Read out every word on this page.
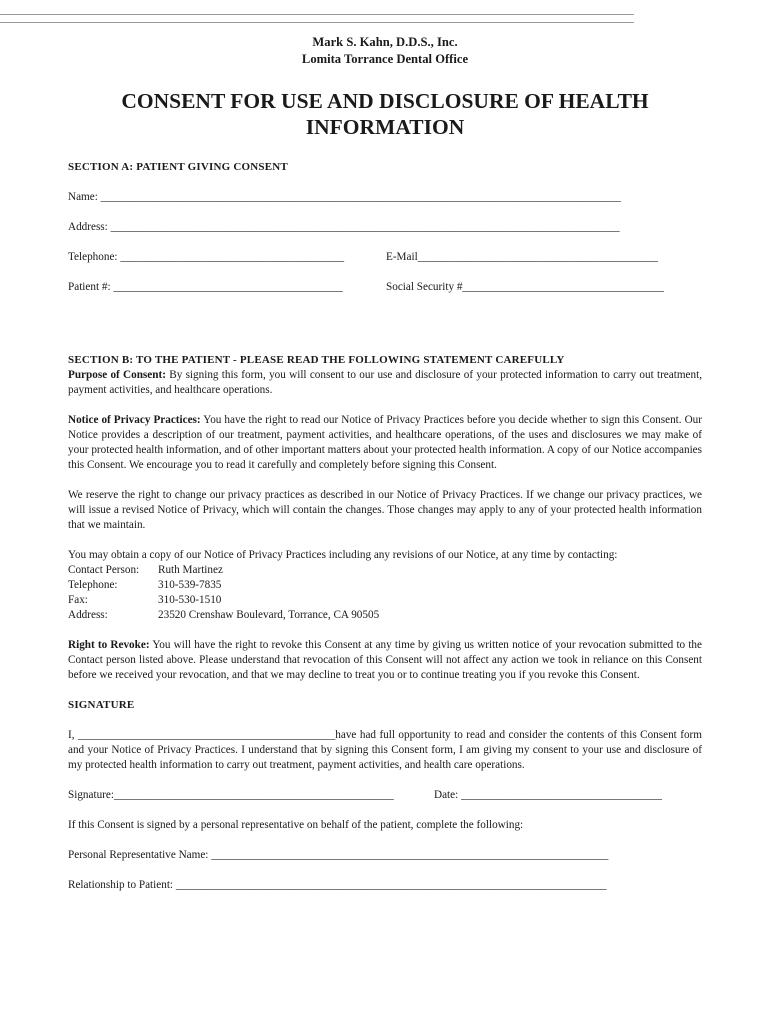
Mark S. Kahn, D.D.S., Inc.
Lomita Torrance Dental Office
CONSENT FOR USE AND DISCLOSURE OF HEALTH INFORMATION
SECTION A: PATIENT GIVING CONSENT
Name: _____________________________________________________________________________________________
Address: ___________________________________________________________________________________________
Telephone: ________________________________________	E-Mail___________________________________________
Patient #: _________________________________________	Social Security #____________________________________
SECTION B: TO THE PATIENT - PLEASE READ THE FOLLOWING STATEMENT CAREFULLY
Purpose of Consent: By signing this form, you will consent to our use and disclosure of your protected information to carry out treatment, payment activities, and healthcare operations.
Notice of Privacy Practices: You have the right to read our Notice of Privacy Practices before you decide whether to sign this Consent. Our Notice provides a description of our treatment, payment activities, and healthcare operations, of the uses and disclosures we may make of your protected health information, and of other important matters about your protected health information. A copy of our Notice accompanies this Consent. We encourage you to read it carefully and completely before signing this Consent.
We reserve the right to change our privacy practices as described in our Notice of Privacy Practices. If we change our privacy practices, we will issue a revised Notice of Privacy, which will contain the changes. Those changes may apply to any of your protected health information that we maintain.
You may obtain a copy of our Notice of Privacy Practices including any revisions of our Notice, at any time by contacting:
Contact Person:	Ruth Martinez
Telephone:	310-539-7835
Fax:	310-530-1510
Address:	23520 Crenshaw Boulevard, Torrance, CA 90505
Right to Revoke: You will have the right to revoke this Consent at any time by giving us written notice of your revocation submitted to the Contact person listed above. Please understand that revocation of this Consent will not affect any action we took in reliance on this Consent before we received your revocation, and that we may decline to treat you or to continue treating you if you revoke this Consent.
SIGNATURE
I, ______________________________________________have had full opportunity to read and consider the contents of this Consent form and your Notice of Privacy Practices. I understand that by signing this Consent form, I am giving my consent to your use and disclosure of my protected health information to carry out treatment, payment activities, and health care operations.
Signature:__________________________________________________	Date: ____________________________________
If this Consent is signed by a personal representative on behalf of the patient, complete the following:
Personal Representative Name: _______________________________________________________________________
Relationship to Patient: _____________________________________________________________________________
